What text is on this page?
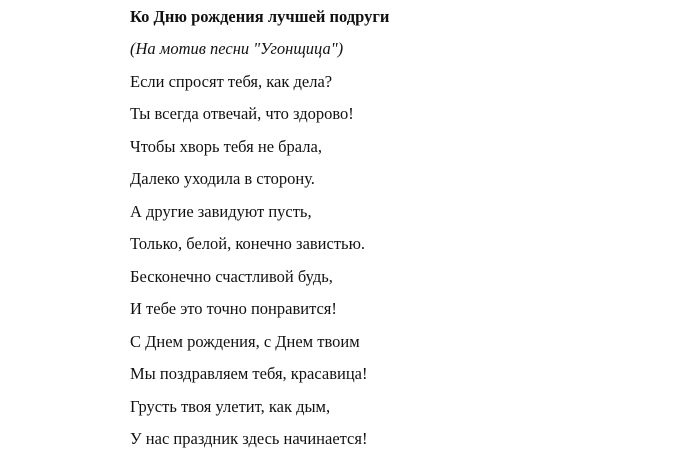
Ко Дню рождения лучшей подруги
(На мотив песни "Угонщица")
Если спросят тебя, как дела?
Ты всегда отвечай, что здорово!
Чтобы хворь тебя не брала,
Далеко уходила в сторону.
А другие завидуют пусть,
Только, белой, конечно завистью.
Бесконечно счастливой будь,
И тебе это точно понравится!
С Днем рождения, с Днем твоим
Мы поздравляем тебя, красавица!
Грусть твоя улетит, как дым,
У нас праздник здесь начинается!
